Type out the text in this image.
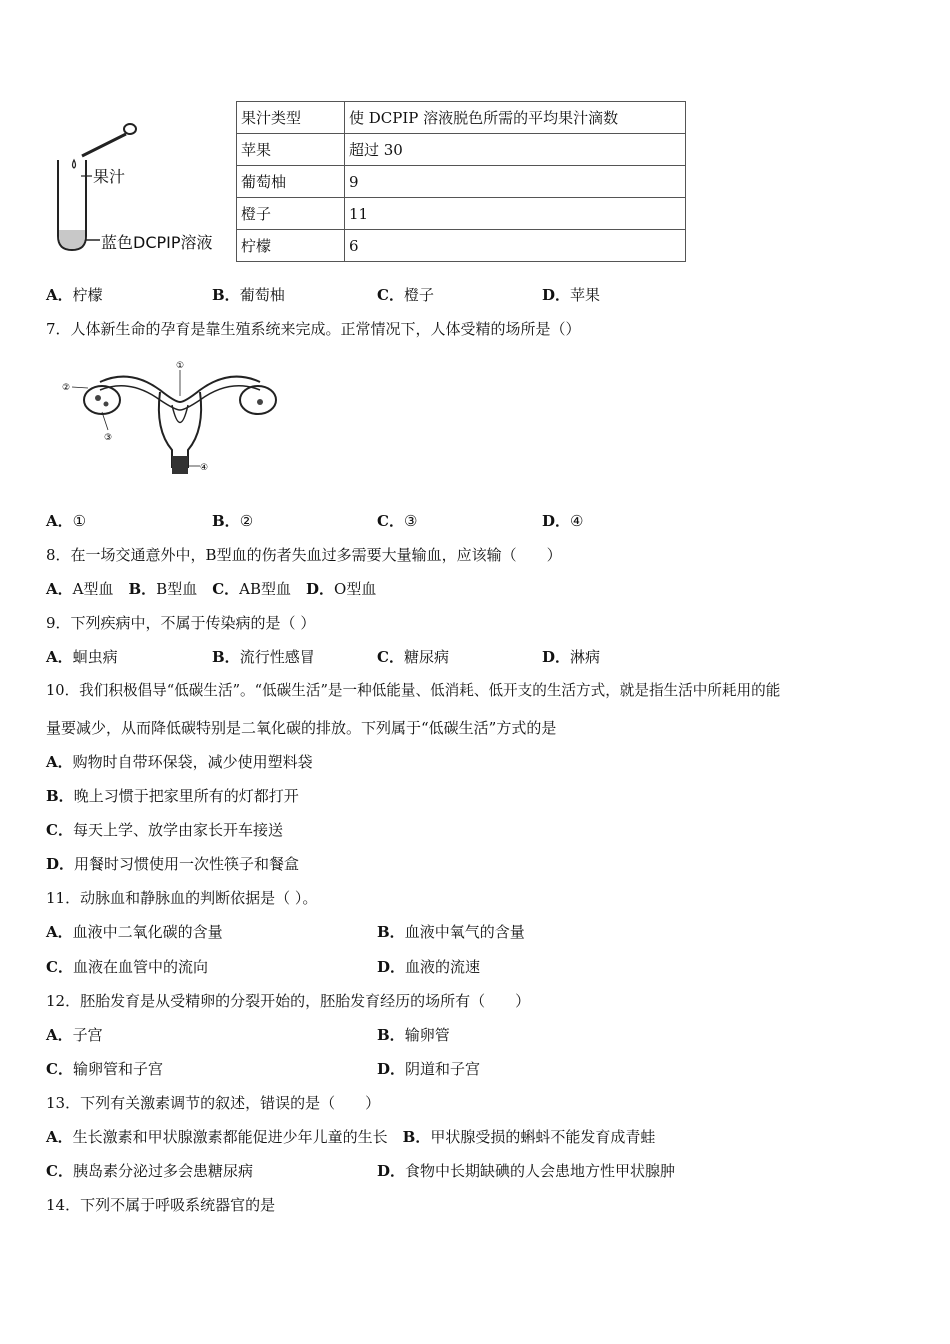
果汁
蓝色DCPIP溶液
果汁类型	使 DCPIP 溶液脱色所需的平均果汁滴数
苹果	超过 30
葡萄柚	9
橙子	11
柠檬	6
A．柠檬	B．葡萄柚	C．橙子	D．苹果
7．人体新生命的孕育是靠生殖系统来完成。正常情况下，人体受精的场所是（）
①
②
③
④
A．①	B．②	C．③	D．④
8．在一场交通意外中，B型血的伤者失血过多需要大量输血，应该输（　　）
A．A型血　B．B型血　C．AB型血　D．O型血
9．下列疾病中，不属于传染病的是（ ）
A．蛔虫病	B．流行性感冒	C．糖尿病	D．淋病
10．我们积极倡导“低碳生活”。“低碳生活”是一种低能量、低消耗、低开支的生活方式，就是指生活中所耗用的能
量要减少，从而降低碳特别是二氧化碳的排放。下列属于“低碳生活”方式的是
A．购物时自带环保袋，减少使用塑料袋
B．晚上习惯于把家里所有的灯都打开
C．每天上学、放学由家长开车接送
D．用餐时习惯使用一次性筷子和餐盒
11．动脉血和静脉血的判断依据是（ ）。
A．血液中二氧化碳的含量	B．血液中氧气的含量
C．血液在血管中的流向	D．血液的流速
12．胚胎发育是从受精卵的分裂开始的，胚胎发育经历的场所有（　　）
A．子宫	B．输卵管
C．输卵管和子宫	D．阴道和子宫
13．下列有关激素调节的叙述，错误的是（　　）
A．生长激素和甲状腺激素都能促进少年儿童的生长　B．甲状腺受损的蝌蚪不能发育成青蛙
C．胰岛素分泌过多会患糖尿病	D．食物中长期缺碘的人会患地方性甲状腺肿
14．下列不属于呼吸系统器官的是
